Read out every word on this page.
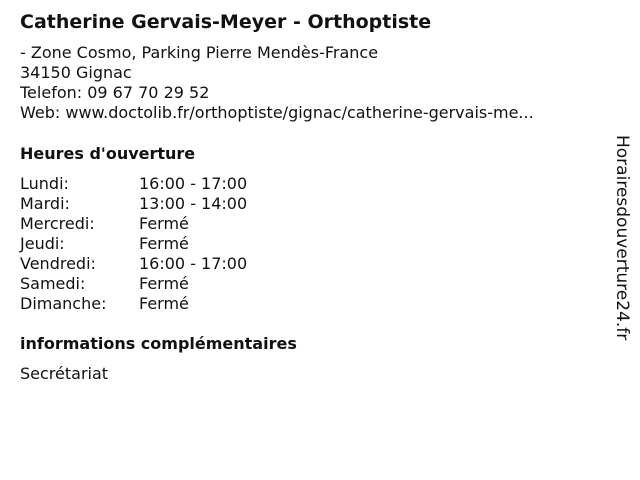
Catherine Gervais-Meyer - Orthoptiste
- Zone Cosmo, Parking Pierre Mendès-France
34150 Gignac
Telefon: 09 67 70 29 52
Web: www.doctolib.fr/orthoptiste/gignac/catherine-gervais-me...
Heures d'ouverture
Lundi:	16:00 - 17:00
Mardi:	13:00 - 14:00
Mercredi:	Fermé
Jeudi:	Fermé
Vendredi:	16:00 - 17:00
Samedi:	Fermé
Dimanche: Fermé
informations complémentaires
Secrétariat
Horairesdouverture24.fr
